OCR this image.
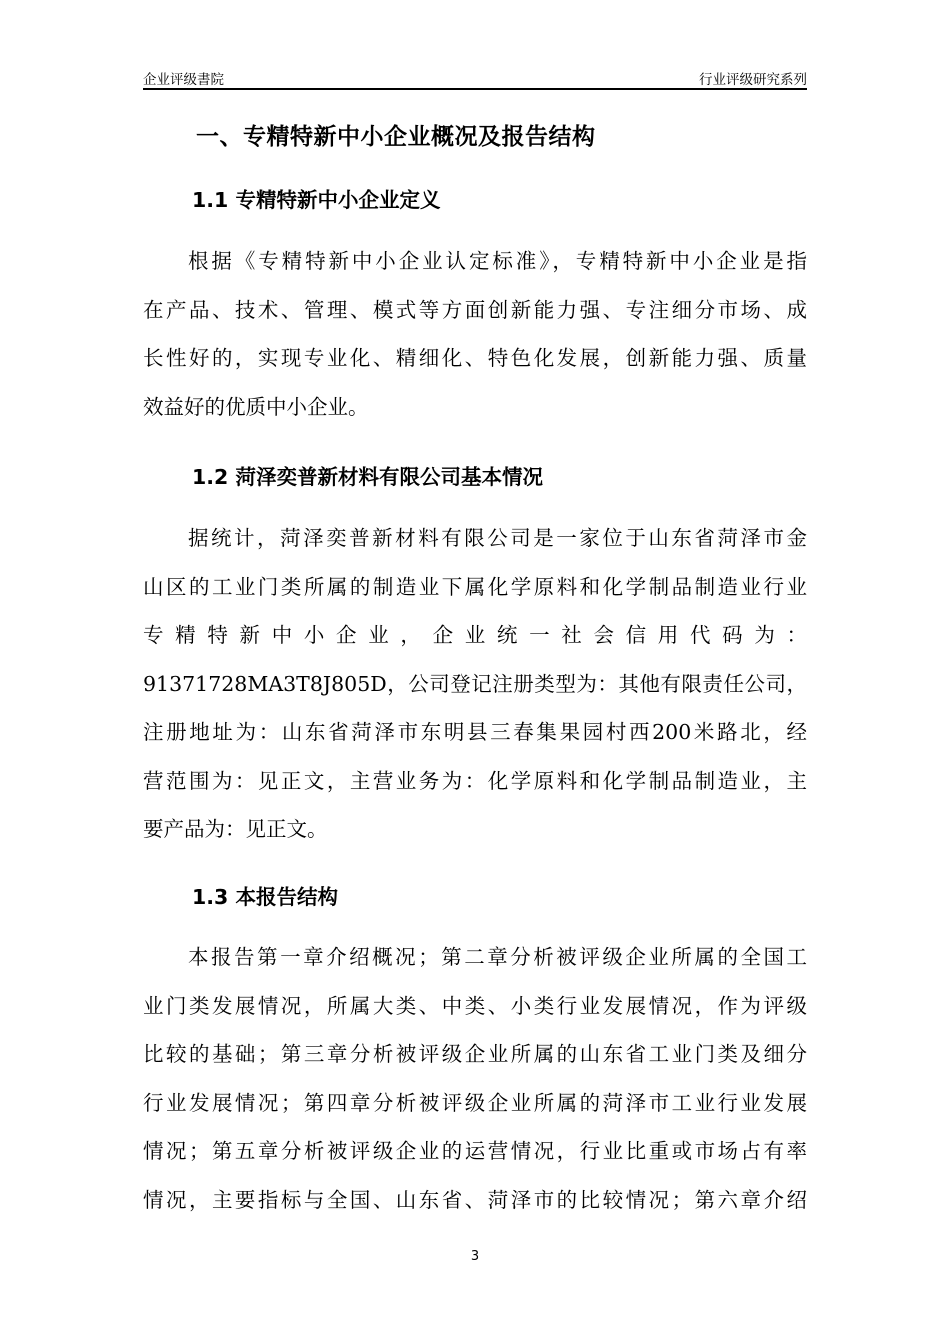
企业评级書院	行业评级研究系列
一、专精特新中小企业概况及报告结构
1.1 专精特新中小企业定义
根据《专精特新中小企业认定标准》，专精特新中小企业是指
在产品、技术、管理、模式等方面创新能力强、专注细分市场、成
长性好的，实现专业化、精细化、特色化发展，创新能力强、质量
效益好的优质中小企业。
1.2 菏泽奕普新材料有限公司基本情况
据统计，菏泽奕普新材料有限公司是一家位于山东省菏泽市金
山区的工业门类所属的制造业下属化学原料和化学制品制造业行业
专精特新中小企业，企业统一社会信用代码为：
91371728MA3T8J805D，公司登记注册类型为：其他有限责任公司，
注册地址为：山东省菏泽市东明县三春集果园村西200米路北，经
营范围为：见正文，主营业务为：化学原料和化学制品制造业，主
要产品为：见正文。
1.3 本报告结构
本报告第一章介绍概况；第二章分析被评级企业所属的全国工
业门类发展情况，所属大类、中类、小类行业发展情况，作为评级
比较的基础；第三章分析被评级企业所属的山东省工业门类及细分
行业发展情况；第四章分析被评级企业所属的菏泽市工业行业发展
情况；第五章分析被评级企业的运营情况，行业比重或市场占有率
情况，主要指标与全国、山东省、菏泽市的比较情况；第六章介绍
3
